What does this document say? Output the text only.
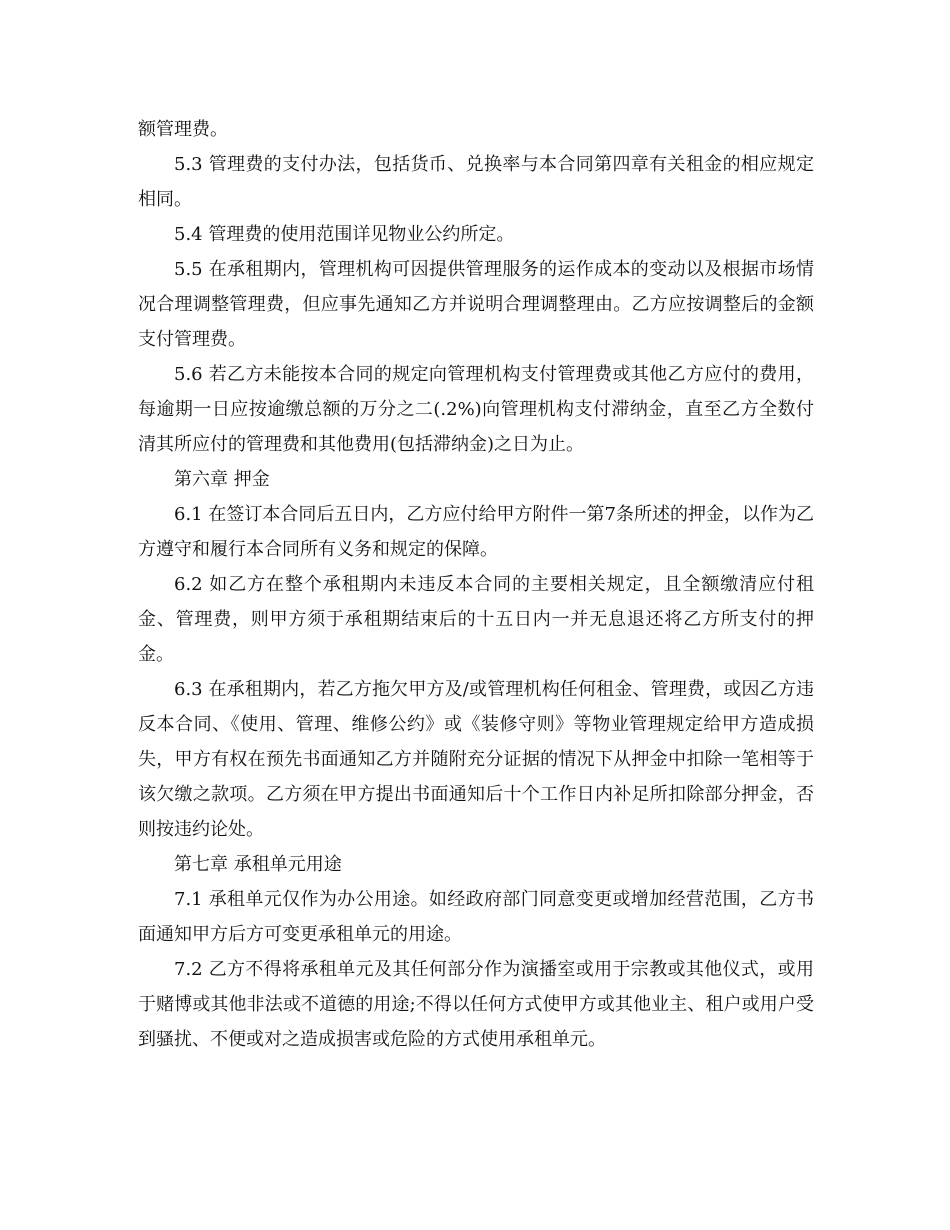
额管理费。

5.3 管理费的支付办法，包括货币、兑换率与本合同第四章有关租金的相应规定相同。

5.4 管理费的使用范围详见物业公约所定。

5.5 在承租期内，管理机构可因提供管理服务的运作成本的变动以及根据市场情况合理调整管理费，但应事先通知乙方并说明合理调整理由。乙方应按调整后的金额支付管理费。

5.6 若乙方未能按本合同的规定向管理机构支付管理费或其他乙方应付的费用，每逾期一日应按逾缴总额的万分之二(.2%)向管理机构支付滞纳金，直至乙方全数付清其所应付的管理费和其他费用(包括滞纳金)之日为止。

第六章 押金

6.1 在签订本合同后五日内，乙方应付给甲方附件一第7条所述的押金，以作为乙方遵守和履行本合同所有义务和规定的保障。

6.2 如乙方在整个承租期内未违反本合同的主要相关规定，且全额缴清应付租金、管理费，则甲方须于承租期结束后的十五日内一并无息退还将乙方所支付的押金。

6.3 在承租期内，若乙方拖欠甲方及/或管理机构任何租金、管理费，或因乙方违反本合同、《使用、管理、维修公约》或《装修守则》等物业管理规定给甲方造成损失，甲方有权在预先书面通知乙方并随附充分证据的情况下从押金中扣除一笔相等于该欠缴之款项。乙方须在甲方提出书面通知后十个工作日内补足所扣除部分押金，否则按违约论处。

第七章 承租单元用途

7.1 承租单元仅作为办公用途。如经政府部门同意变更或增加经营范围，乙方书面通知甲方后方可变更承租单元的用途。

7.2 乙方不得将承租单元及其任何部分作为演播室或用于宗教或其他仪式，或用于赌博或其他非法或不道德的用途;不得以任何方式使甲方或其他业主、租户或用户受到骚扰、不便或对之造成损害或危险的方式使用承租单元。
